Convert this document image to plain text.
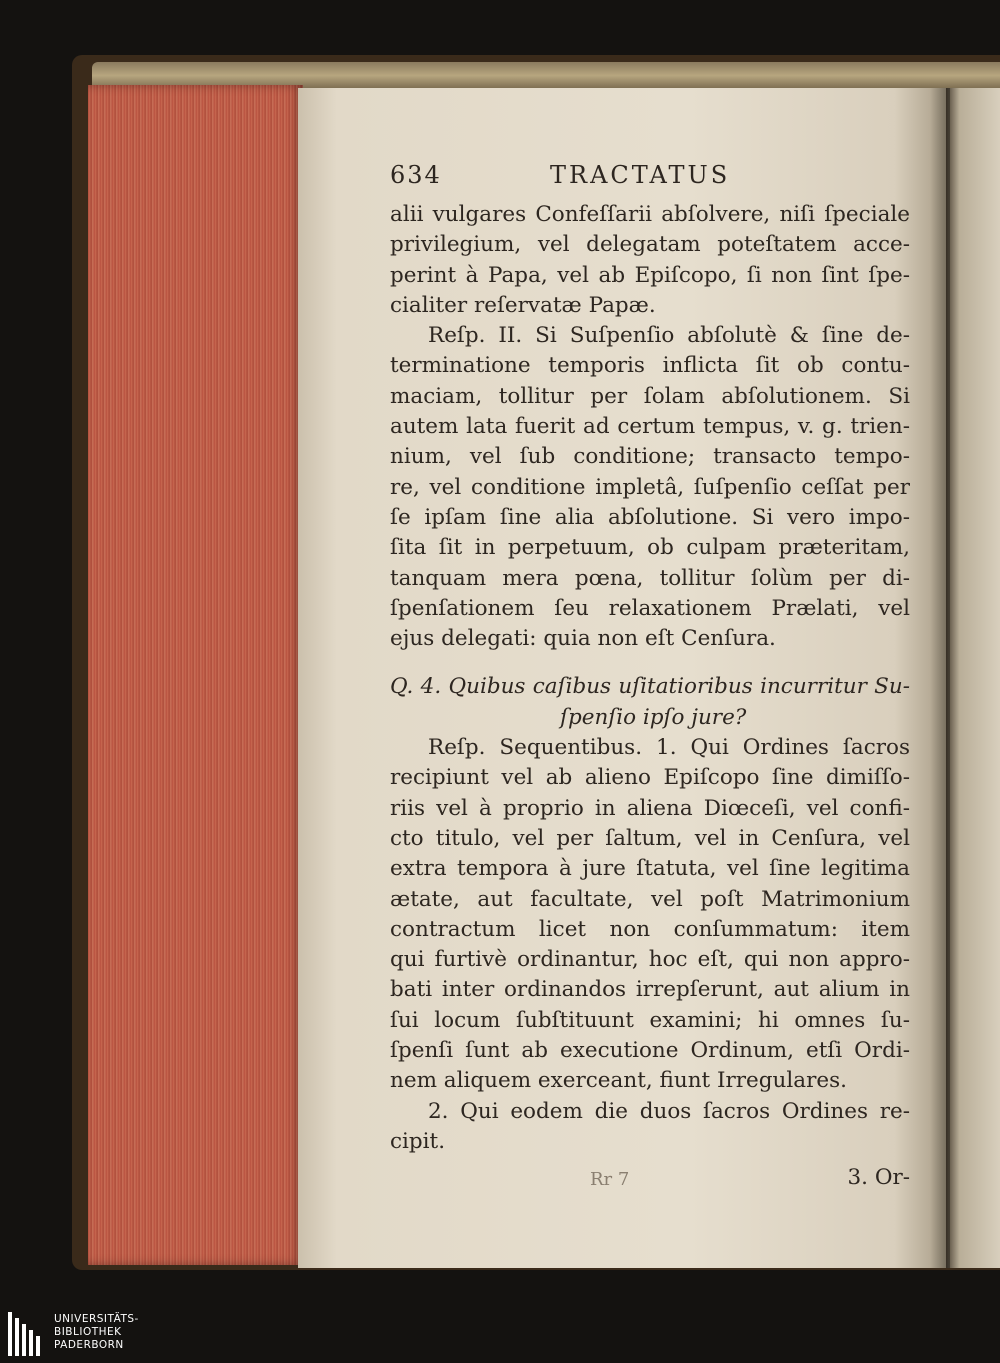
634	TRACTATUS
alii vulgares Confeſſarii abſolvere, niſi ſpeciale
privilegium, vel delegatam poteſtatem acce-
perint à Papa, vel ab Epiſcopo, ſi non ſint ſpe-
cialiter reſervatæ Papæ.
Reſp. II. Si Suſpenſio abſolutè & ſine de-
terminatione temporis inflicta ſit ob contu-
maciam, tollitur per ſolam abſolutionem. Si
autem lata fuerit ad certum tempus, v. g. trien-
nium, vel ſub conditione; transacto tempo-
re, vel conditione impletâ, ſuſpenſio ceſſat per
ſe ipſam ſine alia abſolutione. Si vero impo-
ſita ſit in perpetuum, ob culpam præteritam,
tanquam mera pœna, tollitur ſolùm per di-
ſpenſationem ſeu relaxationem Prælati, vel
ejus delegati: quia non eſt Cenſura.
Q. 4. Quibus caſibus uſitatioribus incurritur Su-
ſpenſio ipſo jure?
Reſp. Sequentibus. 1. Qui Ordines ſacros
recipiunt vel ab alieno Epiſcopo ſine dimiſſo-
riis vel à proprio in aliena Diœceſi, vel confi-
cto titulo, vel per ſaltum, vel in Cenſura, vel
extra tempora à jure ſtatuta, vel ſine legitima
ætate, aut facultate, vel poſt Matrimonium
contractum licet non conſummatum: item
qui furtivè ordinantur, hoc eſt, qui non appro-
bati inter ordinandos irrepſerunt, aut alium in
ſui locum ſubſtituunt examini; hi omnes ſu-
ſpenſi ſunt ab executione Ordinum, etſi Ordi-
nem aliquem exerceant, fiunt Irregulares.
2. Qui eodem die duos ſacros Ordines re-
cipit.
Rr 7	3. Or-
UNIVERSITÄTS-
BIBLIOTHEK
PADERBORN
